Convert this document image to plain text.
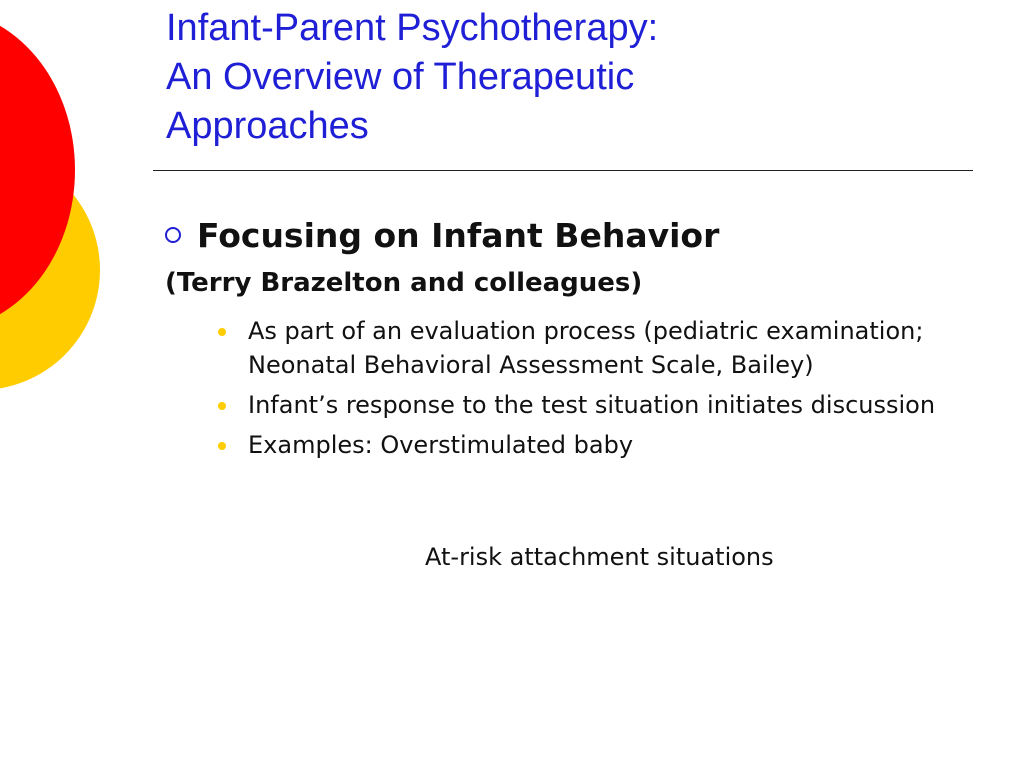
Infant-Parent Psychotherapy:
An Overview of Therapeutic
Approaches
Focusing on Infant Behavior
(Terry Brazelton and colleagues)
As part of an evaluation process (pediatric examination; Neonatal Behavioral Assessment Scale, Bailey)
Infant’s response to the test situation initiates discussion
Examples: Overstimulated baby
At-risk attachment situations
